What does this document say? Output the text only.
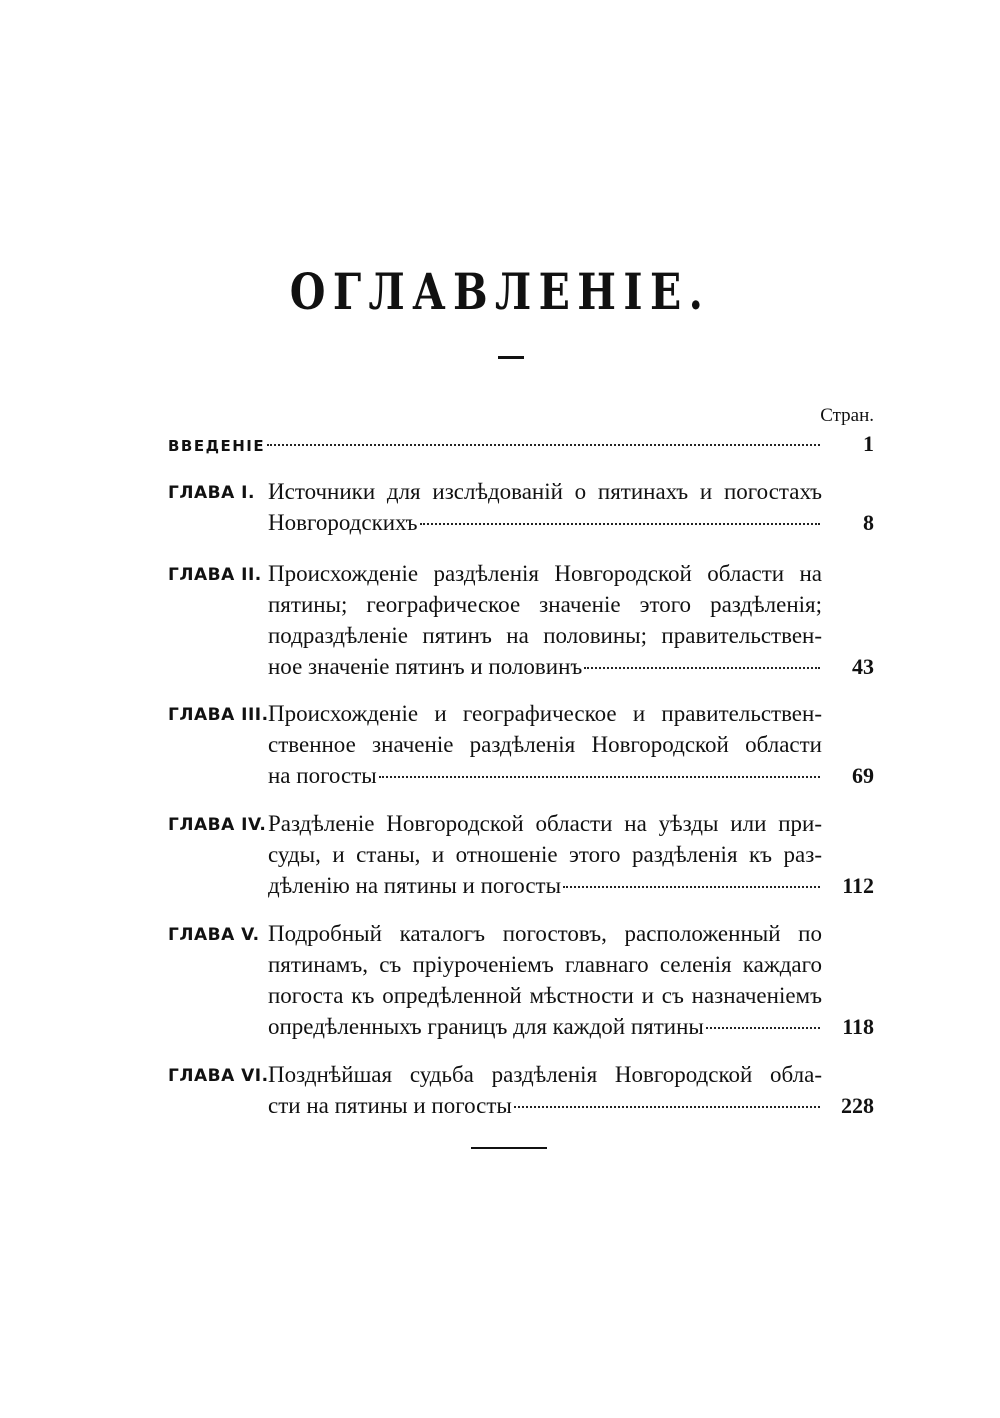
ОГЛАВЛЕНІЕ.
Стран.
ВВЕДЕНІЕ	1
ГЛАВА I. Источники для изслѣдованій о пятинахъ и погостахъ
Новгородскихъ	8
ГЛАВА II. Происхожденіе раздѣленія Новгородской области на
пятины; географическое значеніе этого раздѣленія;
подраздѣленіе пятинъ на половины; правительствен-
ное значеніе пятинъ и половинъ	43
ГЛАВА III. Происхожденіе и географическое и правительствен-
ственное значеніе раздѣленія Новгородской области
на погосты	69
ГЛАВА IV. Раздѣленіе Новгородской области на уѣзды или при-
суды, и станы, и отношеніе этого раздѣленія къ раз-
дѣленію на пятины и погосты	112
ГЛАВА V. Подробный каталогъ погостовъ, расположенный по
пятинамъ, съ пріуроченіемъ главнаго селенія каждаго
погоста къ опредѣленной мѣстности и съ назначеніемъ
опредѣленныхъ границъ для каждой пятины	118
ГЛАВА VI. Позднѣйшая судьба раздѣленія Новгородской обла-
сти на пятины и погосты	228
